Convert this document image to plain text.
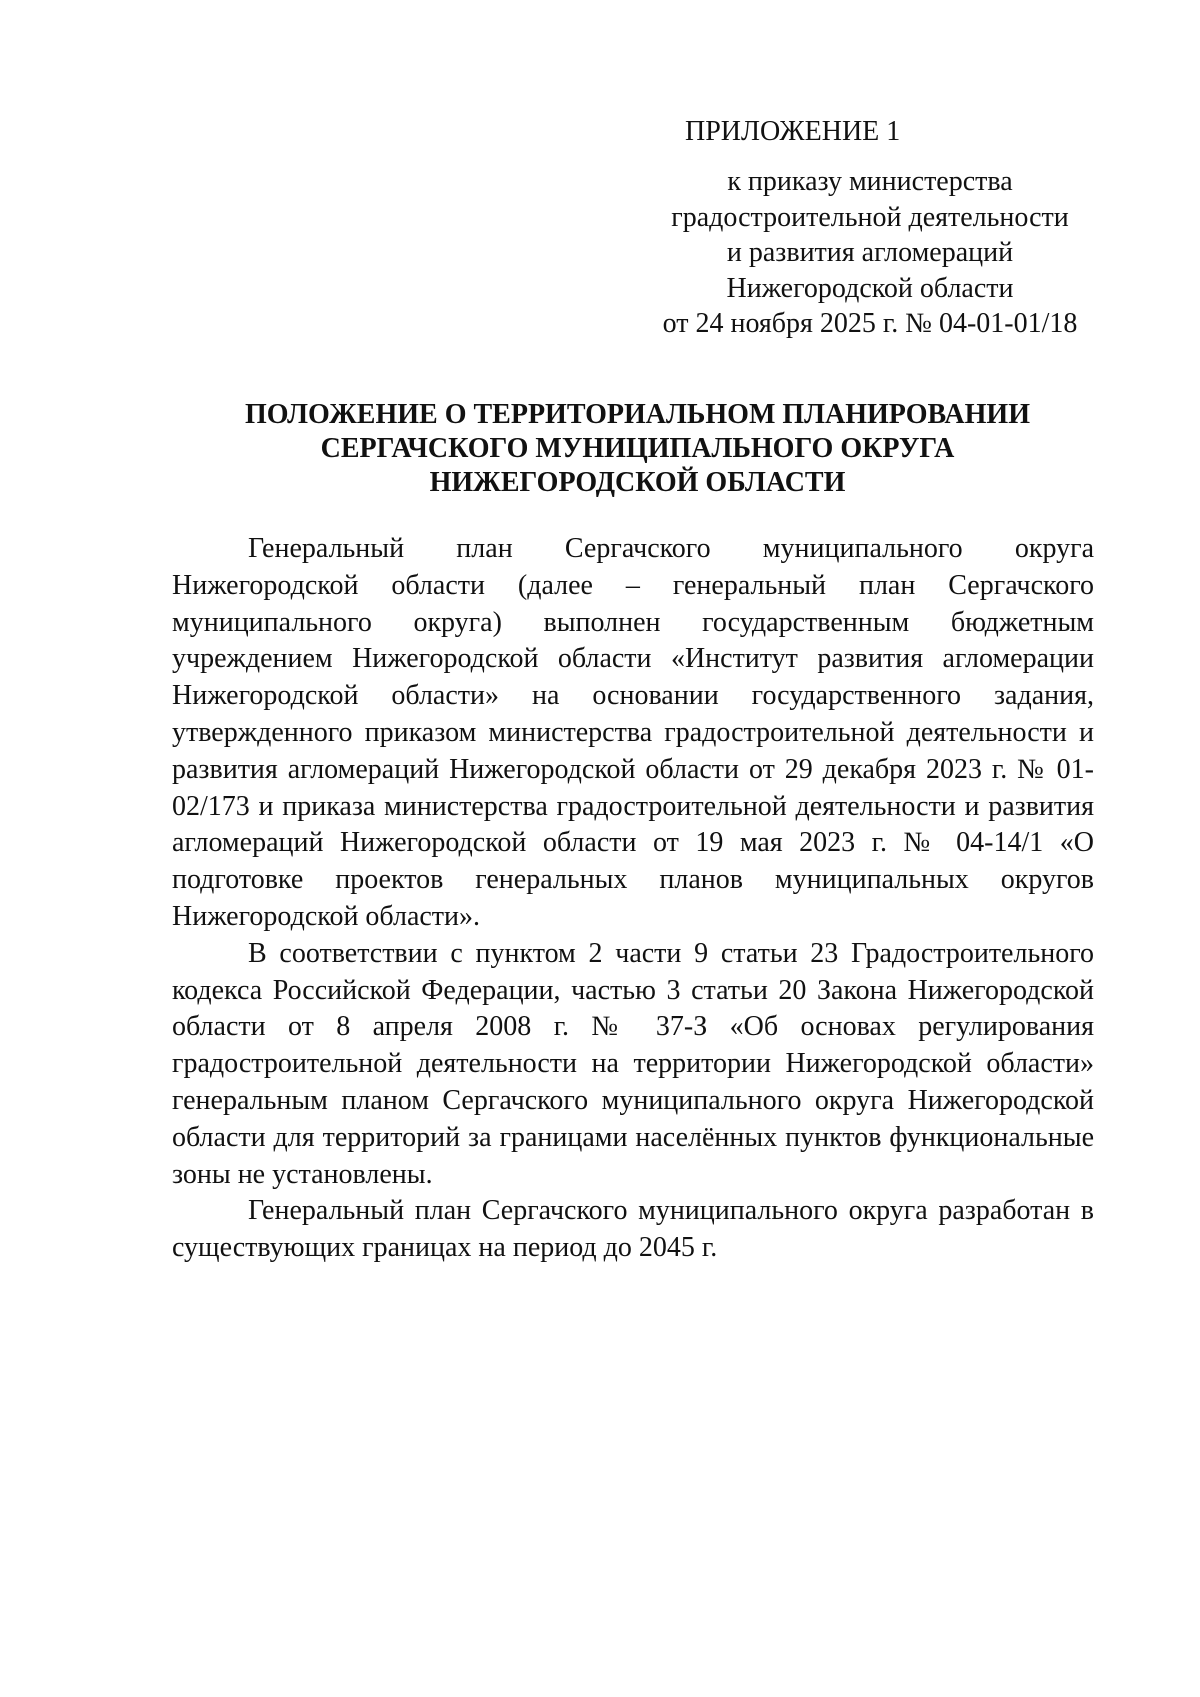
ПРИЛОЖЕНИЕ 1
к приказу министерства
градостроительной деятельности
и развития агломераций
Нижегородской области
от 24 ноября 2025 г. № 04-01-01/18
ПОЛОЖЕНИЕ О ТЕРРИТОРИАЛЬНОМ ПЛАНИРОВАНИИ
СЕРГАЧСКОГО МУНИЦИПАЛЬНОГО ОКРУГА
НИЖЕГОРОДСКОЙ ОБЛАСТИ

Генеральный план Сергачского муниципального округа Нижегородской области (далее – генеральный план Сергачского муниципального округа) выполнен государственным бюджетным учреждением Нижегородской области «Институт развития агломерации Нижегородской области» на основании государственного задания, утвержденного приказом министерства градостроительной деятельности и развития агломераций Нижегородской области от 29 декабря 2023 г. № 01-02/173 и приказа министерства градостроительной деятельности и развития агломераций Нижегородской области от 19 мая 2023 г. № 04-14/1 «О подготовке проектов генеральных планов муниципальных округов Нижегородской области».

В соответствии с пунктом 2 части 9 статьи 23 Градостроительного кодекса Российской Федерации, частью 3 статьи 20 Закона Нижегородской области от 8 апреля 2008 г. № 37-З «Об основах регулирования градостроительной деятельности на территории Нижегородской области» генеральным планом Сергачского муниципального округа Нижегородской области для территорий за границами населённых пунктов функциональные зоны не установлены.

Генеральный план Сергачского муниципального округа разработан в существующих границах на период до 2045 г.
